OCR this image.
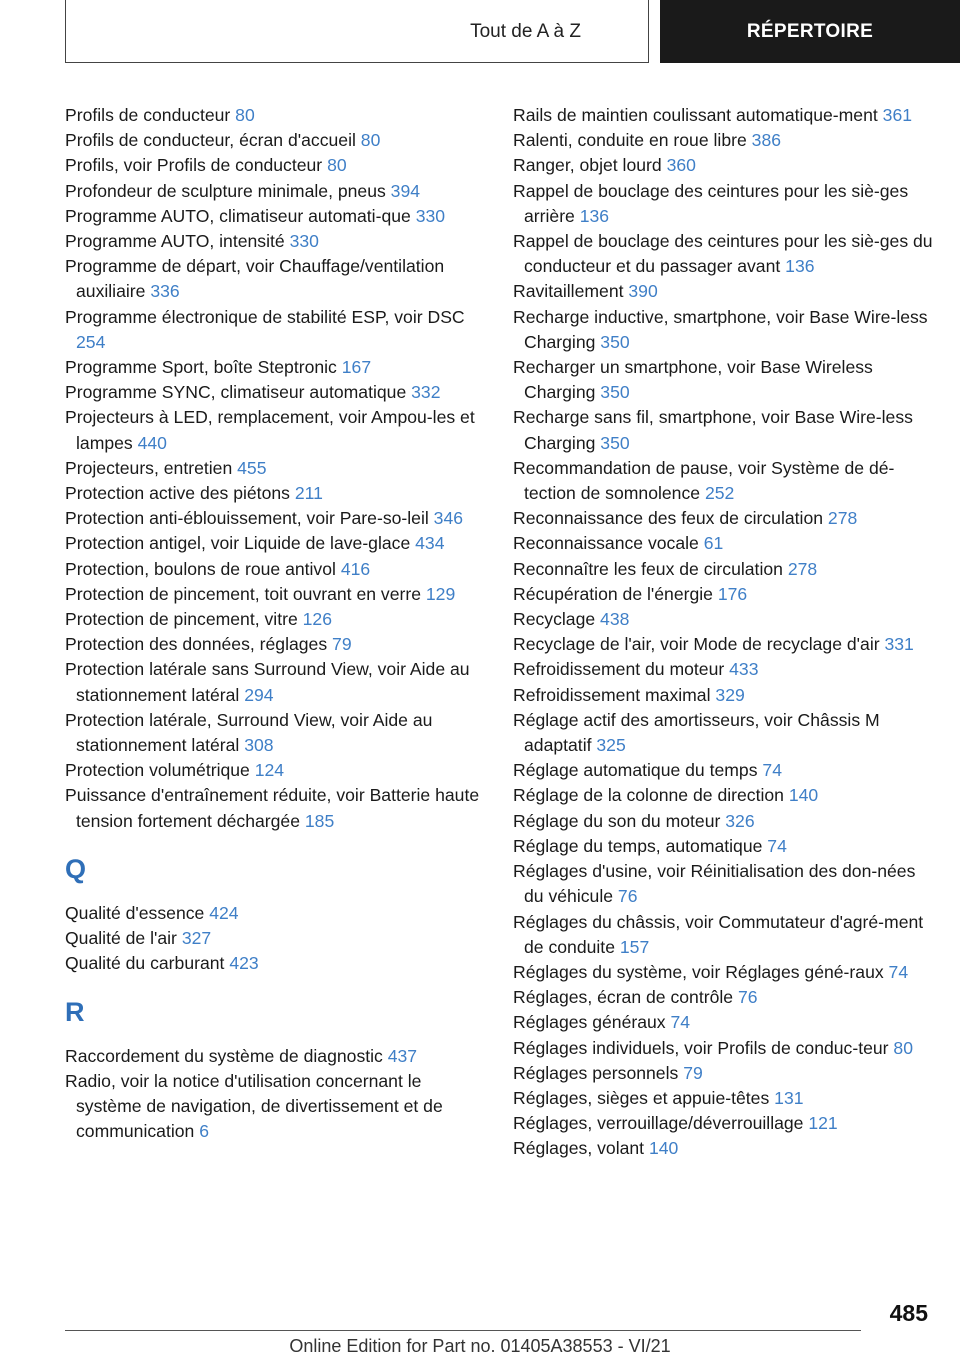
Tout de A à Z	RÉPERTOIRE

Profils de conducteur 80

Profils de conducteur, écran d'accueil 80

Profils, voir Profils de conducteur 80

Profondeur de sculpture minimale, pneus 394

Programme AUTO, climatiseur automati-que 330

Programme AUTO, intensité 330

Programme de départ, voir Chauffage/ventilation auxiliaire 336

Programme électronique de stabilité ESP, voir DSC 254

Programme Sport, boîte Steptronic 167

Programme SYNC, climatiseur automatique 332

Projecteurs à LED, remplacement, voir Ampou-les et lampes 440

Projecteurs, entretien 455

Protection active des piétons 211

Protection anti-éblouissement, voir Pare-so-leil 346

Protection antigel, voir Liquide de lave-glace 434

Protection, boulons de roue antivol 416

Protection de pincement, toit ouvrant en verre 129

Protection de pincement, vitre 126

Protection des données, réglages 79

Protection latérale sans Surround View, voir Aide au stationnement latéral 294

Protection latérale, Surround View, voir Aide au stationnement latéral 308

Protection volumétrique 124

Puissance d'entraînement réduite, voir Batterie haute tension fortement déchargée 185

Q

Qualité d'essence 424

Qualité de l'air 327

Qualité du carburant 423

R

Raccordement du système de diagnostic 437

Radio, voir la notice d'utilisation concernant le système de navigation, de divertissement et de communication 6

Rails de maintien coulissant automatique-ment 361

Ralenti, conduite en roue libre 386

Ranger, objet lourd 360

Rappel de bouclage des ceintures pour les siè-ges arrière 136

Rappel de bouclage des ceintures pour les siè-ges du conducteur et du passager avant 136

Ravitaillement 390

Recharge inductive, smartphone, voir Base Wire-less Charging 350

Recharger un smartphone, voir Base Wireless Charging 350

Recharge sans fil, smartphone, voir Base Wire-less Charging 350

Recommandation de pause, voir Système de dé-tection de somnolence 252

Reconnaissance des feux de circulation 278

Reconnaissance vocale 61

Reconnaître les feux de circulation 278

Récupération de l'énergie 176

Recyclage 438

Recyclage de l'air, voir Mode de recyclage d'air 331

Refroidissement du moteur 433

Refroidissement maximal 329

Réglage actif des amortisseurs, voir Châssis M adaptatif 325

Réglage automatique du temps 74

Réglage de la colonne de direction 140

Réglage du son du moteur 326

Réglage du temps, automatique 74

Réglages d'usine, voir Réinitialisation des don-nées du véhicule 76

Réglages du châssis, voir Commutateur d'agré-ment de conduite 157

Réglages du système, voir Réglages géné-raux 74

Réglages, écran de contrôle 76

Réglages généraux 74

Réglages individuels, voir Profils de conduc-teur 80

Réglages personnels 79

Réglages, sièges et appuie-têtes 131

Réglages, verrouillage/déverrouillage 121

Réglages, volant 140

485
Online Edition for Part no. 01405A38553 - VI/21
